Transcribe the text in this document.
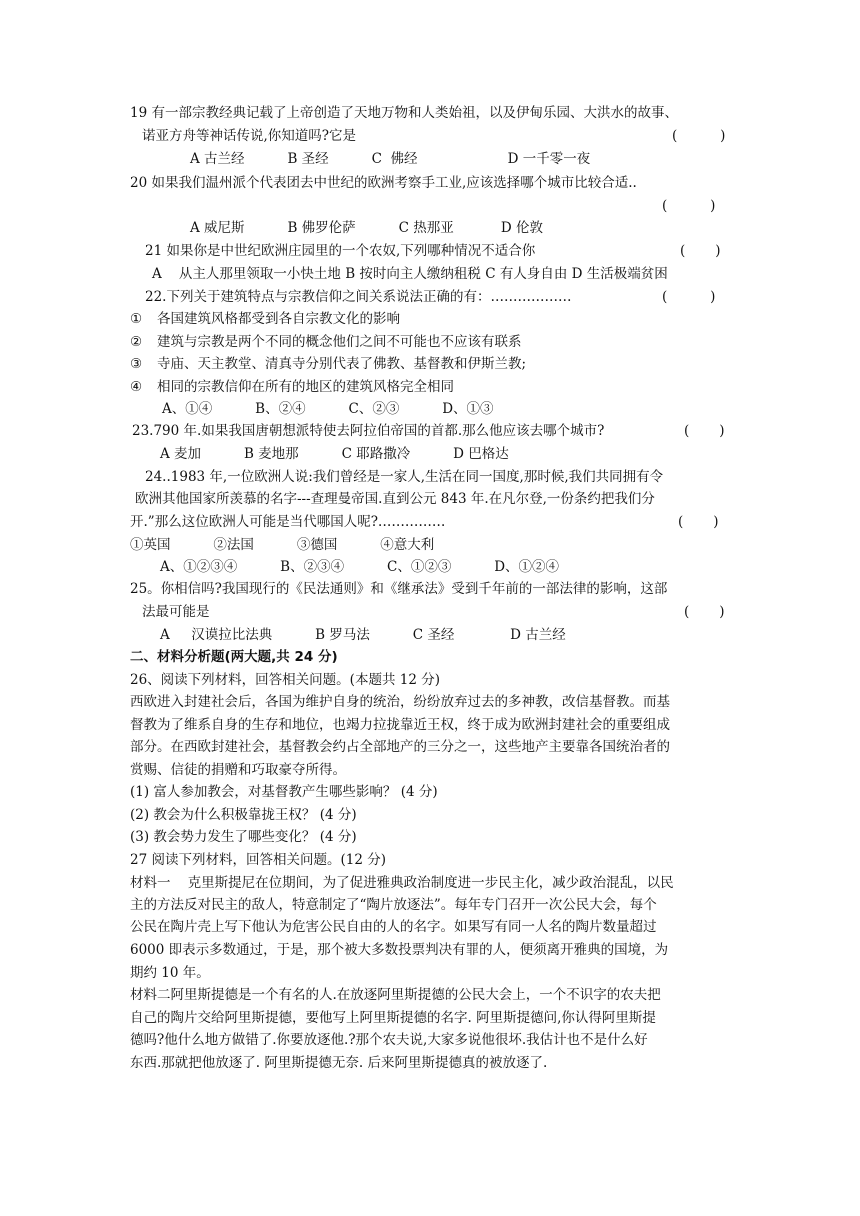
19 有一部宗教经典记载了上帝创造了天地万物和人类始祖，以及伊甸乐园、大洪水的故事、
诺亚方舟等神话传说,你知道吗?它是	(          )
A 古兰经          B 圣经          C  佛经                     D 一千零一夜
20 如果我们温州派个代表团去中世纪的欧洲考察手工业,应该选择哪个城市比较合适..
(          )
A 威尼斯          B 佛罗伦萨          C 热那亚           D 伦敦
21 如果你是中世纪欧洲庄园里的一个农奴,下列哪种情况不适合你	(       )
A    从主人那里领取一小快土地 B 按时向主人缴纳租税 C 有人身自由 D 生活极端贫困
22.下列关于建筑特点与宗教信仰之间关系说法正确的有：………………	(          )
① 各国建筑风格都受到各自宗教文化的影响
② 建筑与宗教是两个不同的概念他们之间不可能也不应该有联系
③ 寺庙、天主教堂、清真寺分别代表了佛教、基督教和伊斯兰教;
④ 相同的宗教信仰在所有的地区的建筑风格完全相同
A、①④          B、②④          C、②③          D、①③
23.790 年.如果我国唐朝想派特使去阿拉伯帝国的首都.那么他应该去哪个城市?	(       )
A 麦加          B 麦地那          C 耶路撒冷          D 巴格达
24..1983 年,一位欧洲人说:我们曾经是一家人,生活在同一国度,那时候,我们共同拥有令
欧洲其他国家所羡慕的名字---查理曼帝国.直到公元 843 年.在凡尔登,一份条约把我们分
开.”那么这位欧洲人可能是当代哪国人呢?……………	(       )
①英国          ②法国          ③德国          ④意大利
A、①②③④          B、②③④          C、①②③          D、①②④
25。你相信吗?我国现行的《民法通则》和《继承法》受到千年前的一部法律的影响，这部
法最可能是	(       )
A     汉谟拉比法典          B 罗马法          C 圣经             D 古兰经
二、材料分析题(两大题,共 24 分)
26、阅读下列材料，回答相关问题。(本题共 12 分)
西欧进入封建社会后，各国为维护自身的统治，纷纷放弃过去的多神教，改信基督教。而基
督教为了维系自身的生存和地位，也竭力拉拢靠近王权，终于成为欧洲封建社会的重要组成
部分。在西欧封建社会，基督教会约占全部地产的三分之一，这些地产主要靠各国统治者的
赏赐、信徒的捐赠和巧取豪夺所得。
(1) 富人参加教会，对基督教产生哪些影响？ (4 分)
(2) 教会为什么积极靠拢王权？ (4 分)
(3) 教会势力发生了哪些变化？ (4 分)
27 阅读下列材料，回答相关问题。(12 分)
材料一    克里斯提尼在位期间，为了促进雅典政治制度进一步民主化，减少政治混乱，以民
主的方法反对民主的敌人，特意制定了“陶片放逐法”。每年专门召开一次公民大会，每个
公民在陶片壳上写下他认为危害公民自由的人的名字。如果写有同一人名的陶片数量超过
6000 即表示多数通过，于是，那个被大多数投票判决有罪的人，便须离开雅典的国境，为
期约 10 年。
材料二阿里斯提德是一个有名的人.在放逐阿里斯提德的公民大会上，一个不识字的农夫把
自己的陶片交给阿里斯提德，要他写上阿里斯提德的名字. 阿里斯提德问,你认得阿里斯提
德吗?他什么地方做错了.你要放逐他.?那个农夫说,大家多说他很坏.我估计也不是什么好
东西.那就把他放逐了. 阿里斯提德无奈. 后来阿里斯提德真的被放逐了.
